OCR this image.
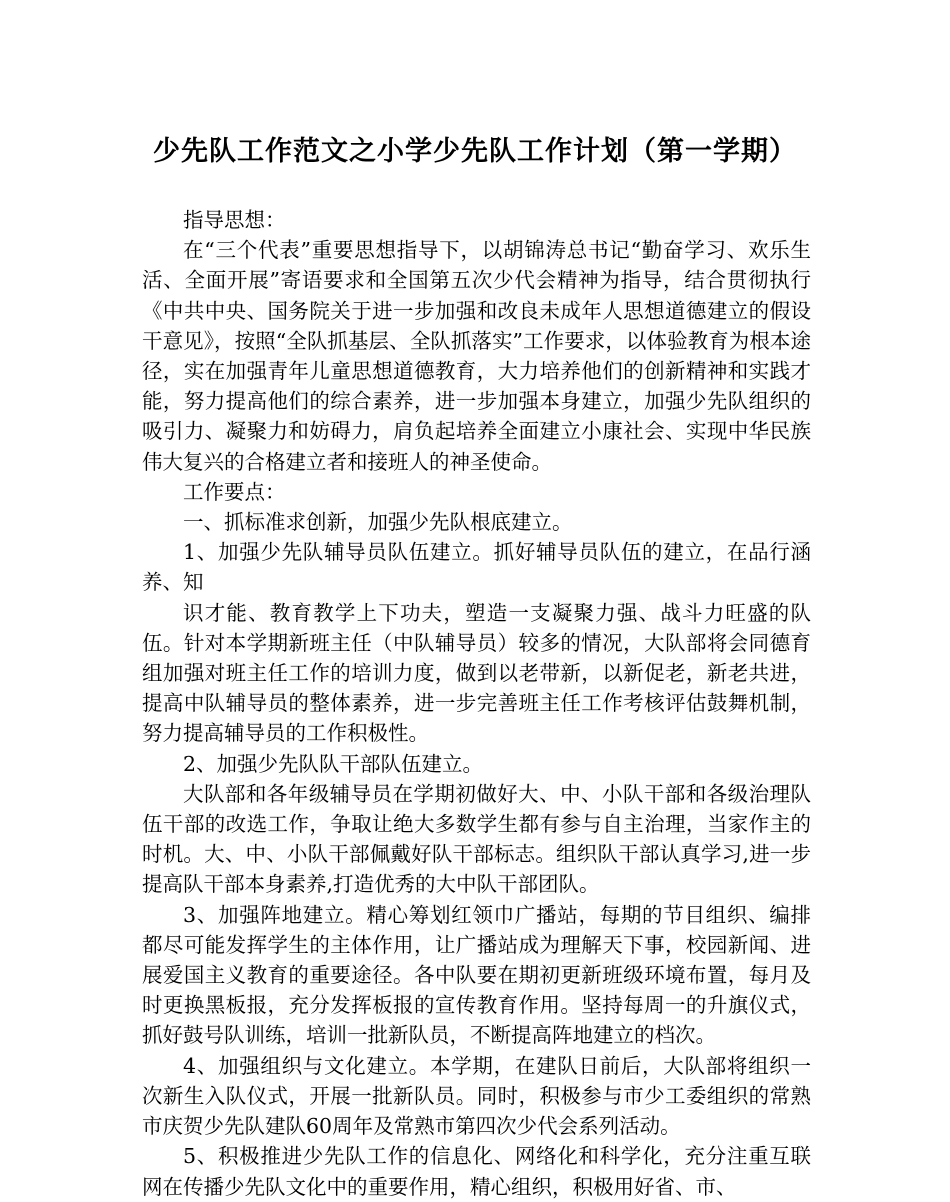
少先队工作范文之小学少先队工作计划（第一学期）

指导思想：

在“三个代表”重要思想指导下，以胡锦涛总书记“勤奋学习、欢乐生活、全面开展”寄语要求和全国第五次少代会精神为指导，结合贯彻执行《中共中央、国务院关于进一步加强和改良未成年人思想道德建立的假设干意见》，按照“全队抓基层、全队抓落实”工作要求，以体验教育为根本途径，实在加强青年儿童思想道德教育，大力培养他们的创新精神和实践才能，努力提高他们的综合素养，进一步加强本身建立，加强少先队组织的吸引力、凝聚力和妨碍力，肩负起培养全面建立小康社会、实现中华民族伟大复兴的合格建立者和接班人的神圣使命。

工作要点：

一、抓标准求创新，加强少先队根底建立。

1、加强少先队辅导员队伍建立。抓好辅导员队伍的建立，在品行涵养、知

识才能、教育教学上下功夫，塑造一支凝聚力强、战斗力旺盛的队伍。针对本学期新班主任（中队辅导员）较多的情况，大队部将会同德育组加强对班主任工作的培训力度，做到以老带新，以新促老，新老共进，提高中队辅导员的整体素养，进一步完善班主任工作考核评估鼓舞机制，努力提高辅导员的工作积极性。

2、加强少先队队干部队伍建立。

大队部和各年级辅导员在学期初做好大、中、小队干部和各级治理队伍干部的改选工作，争取让绝大多数学生都有参与自主治理，当家作主的时机。大、中、小队干部佩戴好队干部标志。组织队干部认真学习,进一步提高队干部本身素养,打造优秀的大中队干部团队。

3、加强阵地建立。精心筹划红领巾广播站，每期的节目组织、编排都尽可能发挥学生的主体作用，让广播站成为理解天下事，校园新闻、进展爱国主义教育的重要途径。各中队要在期初更新班级环境布置，每月及时更换黑板报，充分发挥板报的宣传教育作用。坚持每周一的升旗仪式，抓好鼓号队训练，培训一批新队员，不断提高阵地建立的档次。

4、加强组织与文化建立。本学期，在建队日前后，大队部将组织一次新生入队仪式，开展一批新队员。同时，积极参与市少工委组织的常熟市庆贺少先队建队60周年及常熟市第四次少代会系列活动。

5、积极推进少先队工作的信息化、网络化和科学化，充分注重互联网在传播少先队文化中的重要作用，精心组织，积极用好省、市、
